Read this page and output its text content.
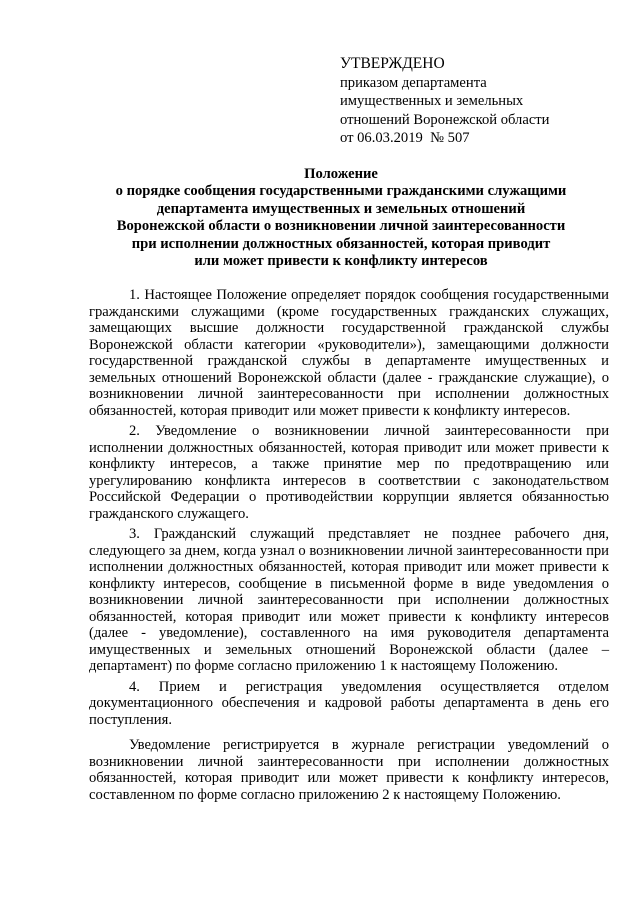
УТВЕРЖДЕНО
приказом департамента
имущественных и земельных
отношений Воронежской области
от 06.03.2019  № 507
Положение
о порядке сообщения государственными гражданскими служащими
департамента имущественных и земельных отношений
Воронежской области о возникновении личной заинтересованности
при исполнении должностных обязанностей, которая приводит
или может привести к конфликту интересов

1. Настоящее Положение определяет порядок сообщения государственными гражданскими служащими (кроме государственных гражданских служащих, замещающих высшие должности государственной гражданской службы Воронежской области категории «руководители»), замещающими должности государственной гражданской службы в департаменте имущественных и земельных отношений Воронежской области (далее - гражданские служащие), о возникновении личной заинтересованности при исполнении должностных обязанностей, которая приводит или может привести к конфликту интересов.

2. Уведомление о возникновении личной заинтересованности при исполнении должностных обязанностей, которая приводит или может привести к конфликту интересов, а также принятие мер по предотвращению или урегулированию конфликта интересов в соответствии с законодательством Российской Федерации о противодействии коррупции является обязанностью гражданского служащего.

3. Гражданский служащий представляет не позднее рабочего дня, следующего за днем, когда узнал о возникновении личной заинтересованности при исполнении должностных обязанностей, которая приводит или может привести к конфликту интересов, сообщение в письменной форме в виде уведомления о возникновении личной заинтересованности при исполнении должностных обязанностей, которая приводит или может привести к конфликту интересов (далее - уведомление), составленного на имя руководителя департамента имущественных и земельных отношений Воронежской области (далее – департамент) по форме согласно приложению 1 к настоящему Положению.

4. Прием и регистрация уведомления осуществляется отделом документационного обеспечения и кадровой работы департамента в день его поступления.

Уведомление регистрируется в журнале регистрации уведомлений о возникновении личной заинтересованности при исполнении должностных обязанностей, которая приводит или может привести к конфликту интересов, составленном по форме согласно приложению 2 к настоящему Положению.
